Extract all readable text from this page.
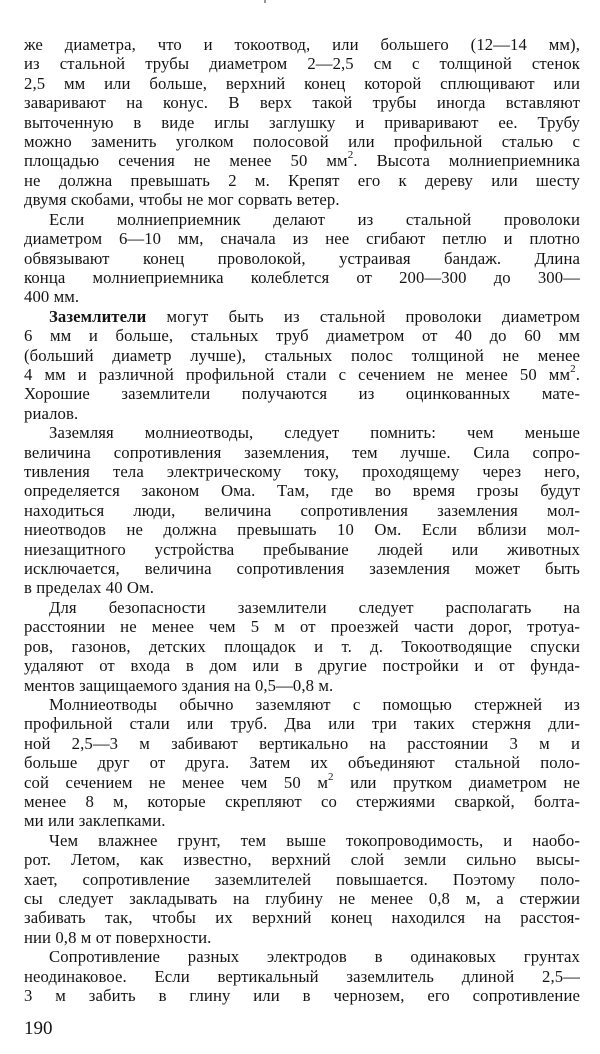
же диаметра, что и токоотвод, или большего (12—14 мм),
из стальной трубы диаметром 2—2,5 см с толщиной стенок
2,5 мм или больше, верхний конец которой сплющивают или
заваривают на конус. В верх такой трубы иногда вставляют
выточенную в виде иглы заглушку и приваривают ее. Трубу
можно заменить уголком полосовой или профильной сталью с
площадью сечения не менее 50 $мм^2$. Высота молниеприемника
не должна превышать 2 м. Крепят его к дереву или шесту
двумя скобами, чтобы не мог сорвать ветер.
Если молниеприемник делают из стальной проволоки
диаметром 6—10 мм, сначала из нее сгибают петлю и плотно
обвязывают конец проволокой, устраивая бандаж. Длина
конца молниеприемника колеблется от 200—300 до 300—
400 мм.
Заземлители могут быть из стальной проволоки диаметром
6 мм и больше, стальных труб диаметром от 40 до 60 мм
(больший диаметр лучше), стальных полос толщиной не менее
4 мм и различной профильной стали с сечением не менее 50 $мм^2$.
Хорошие заземлители получаются из оцинкованных мате-
риалов.
Заземляя молниеотводы, следует помнить: чем меньше
величина сопротивления заземления, тем лучше. Сила сопро-
тивления тела электрическому току, проходящему через него,
определяется законом Ома. Там, где во время грозы будут
находиться люди, величина сопротивления заземления мол-
ниеотводов не должна превышать 10 Ом. Если вблизи мол-
ниезащитного устройства пребывание людей или животных
исключается, величина сопротивления заземления может быть
в пределах 40 Ом.
Для безопасности заземлители следует располагать на
расстоянии не менее чем 5 м от проезжей части дорог, тротуа-
ров, газонов, детских площадок и т. д. Токоотводящие спуски
удаляют от входа в дом или в другие постройки и от фунда-
ментов защищаемого здания на 0,5—0,8 м.
Молниеотводы обычно заземляют с помощью стержней из
профильной стали или труб. Два или три таких стержня дли-
ной 2,5—3 м забивают вертикально на расстоянии 3 м и
больше друг от друга. Затем их объединяют стальной поло-
сой сечением не менее чем 50 $м^2$ или прутком диаметром не
менее 8 м, которые скрепляют со стержиями сваркой, болта-
ми или заклепками.
Чем влажнее грунт, тем выше токопроводимость, и наобо-
рот. Летом, как известно, верхний слой земли сильно высы-
хает, сопротивление заземлителей повышается. Поэтому поло-
сы следует закладывать на глубину не менее 0,8 м, а стержии
забивать так, чтобы их верхний конец находился на расстоя-
нии 0,8 м от поверхности.
Сопротивление разных электродов в одинаковых грунтах
неодинаковое. Если вертикальный заземлитель длиной 2,5—
3 м забить в глину или в чернозем, его сопротивление
190
